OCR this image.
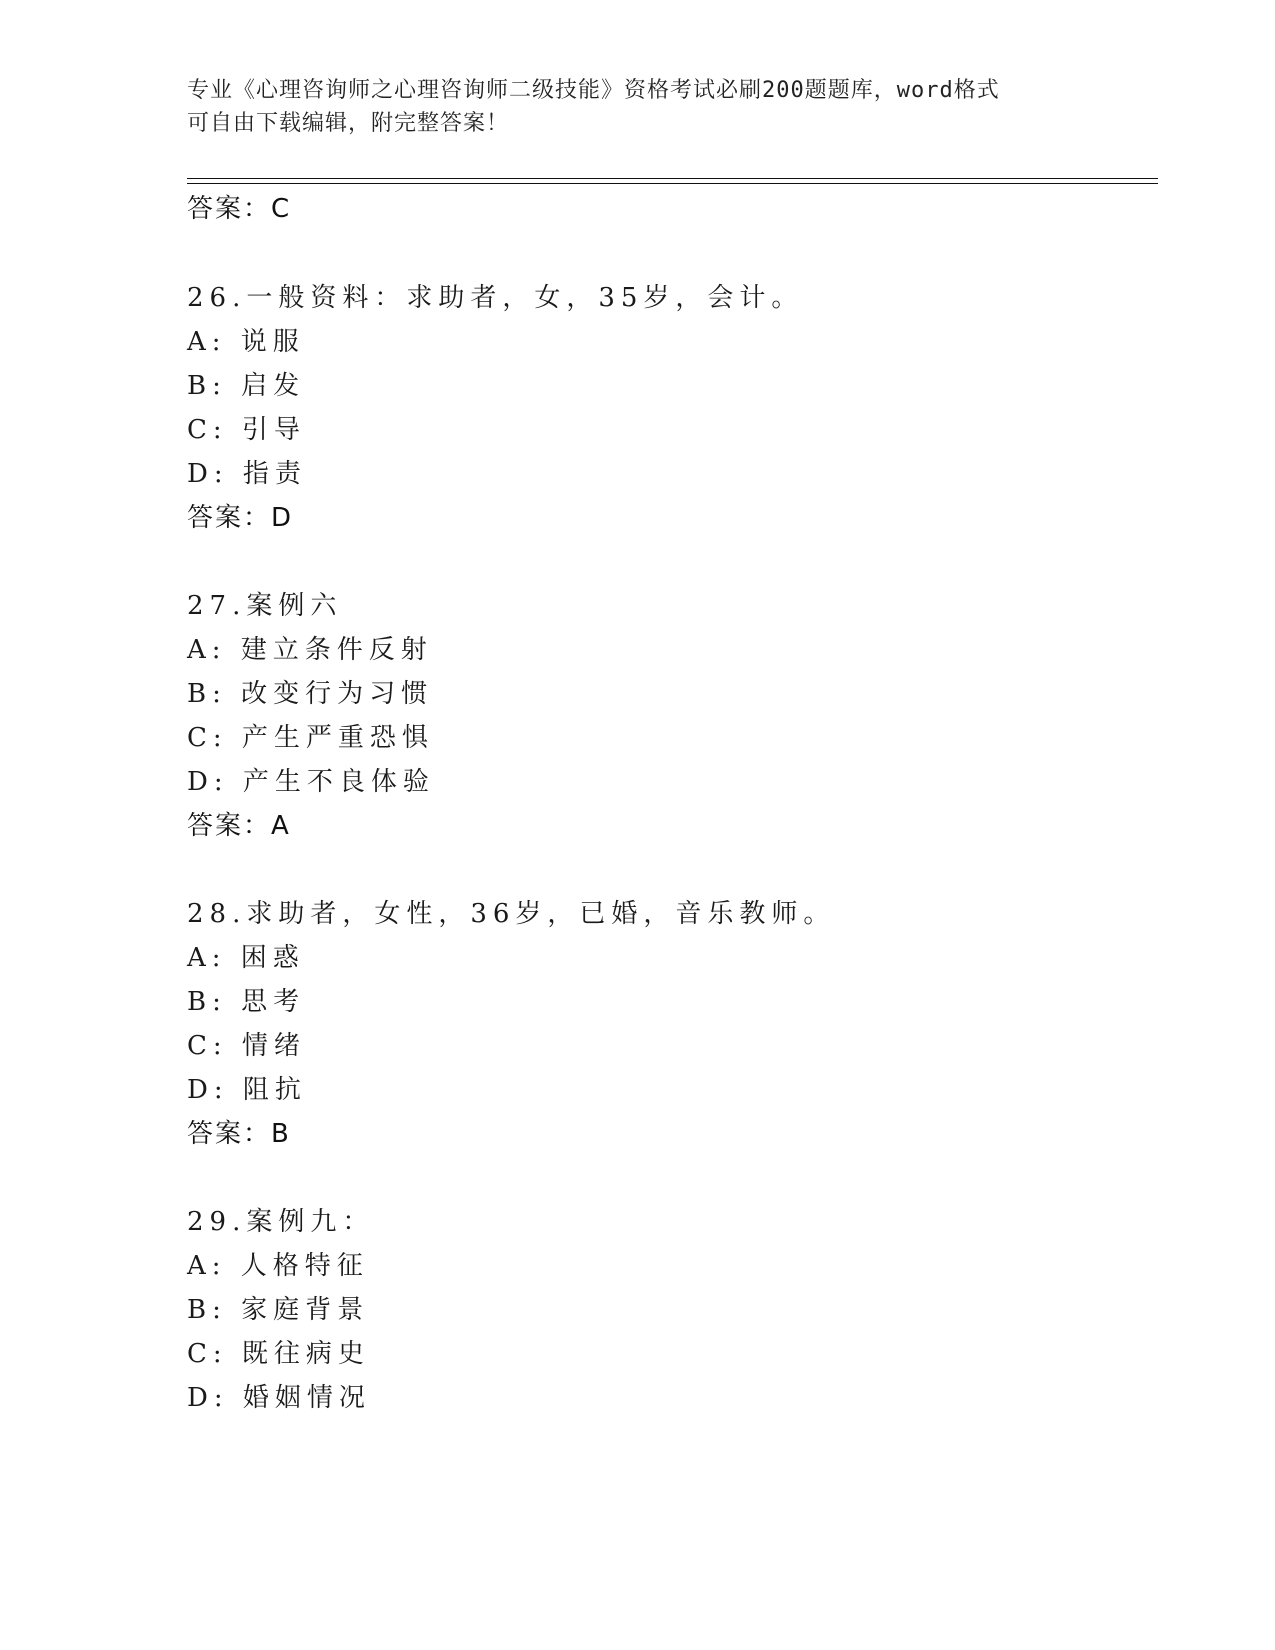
专业《心理咨询师之心理咨询师二级技能》资格考试必刷200题题库，word格式
可自由下载编辑，附完整答案！
答案：C
26.一般资料：求助者，女，35岁，会计。
A: 说服
B: 启发
C: 引导
D: 指责
答案：D
27.案例六
A: 建立条件反射
B: 改变行为习惯
C: 产生严重恐惧
D: 产生不良体验
答案：A
28.求助者，女性，36岁，已婚，音乐教师。
A: 困惑
B: 思考
C: 情绪
D: 阻抗
答案：B
29.案例九：
A: 人格特征
B: 家庭背景
C: 既往病史
D: 婚姻情况
